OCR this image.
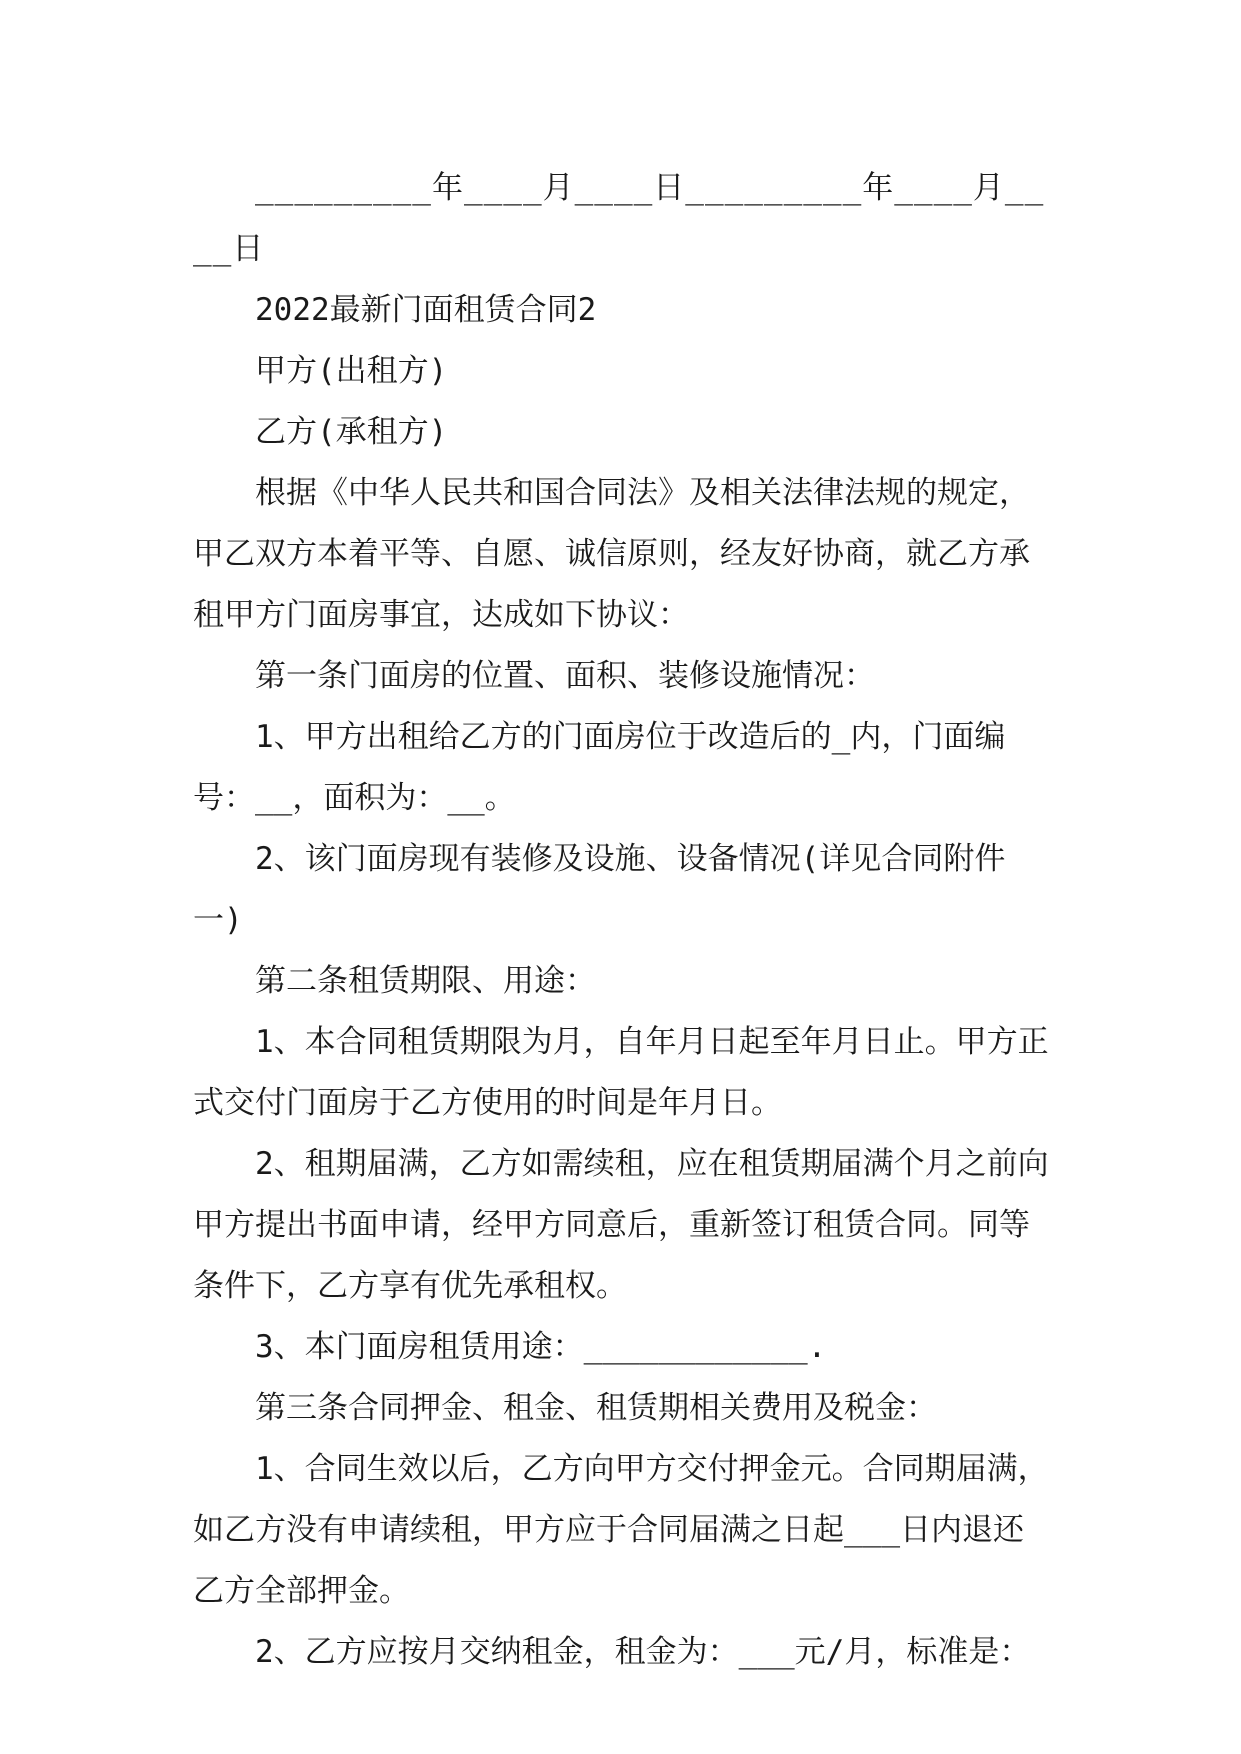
_________年____月____日_________年____月____日

2022最新门面租赁合同2

甲方(出租方)

乙方(承租方)

根据《中华人民共和国合同法》及相关法律法规的规定，甲乙双方本着平等、自愿、诚信原则，经友好协商，就乙方承租甲方门面房事宜，达成如下协议：

第一条门面房的位置、面积、装修设施情况：

1、甲方出租给乙方的门面房位于改造后的_内，门面编号：__，面积为：__。

2、该门面房现有装修及设施、设备情况(详见合同附件一)

第二条租赁期限、用途：

1、本合同租赁期限为月，自年月日起至年月日止。甲方正式交付门面房于乙方使用的时间是年月日。

2、租期届满，乙方如需续租，应在租赁期届满个月之前向甲方提出书面申请，经甲方同意后，重新签订租赁合同。同等条件下，乙方享有优先承租权。

3、本门面房租赁用途：____________.

第三条合同押金、租金、租赁期相关费用及税金：

1、合同生效以后，乙方向甲方交付押金元。合同期届满，如乙方没有申请续租，甲方应于合同届满之日起___日内退还乙方全部押金。

2、乙方应按月交纳租金，租金为：___元/月，标准是：
